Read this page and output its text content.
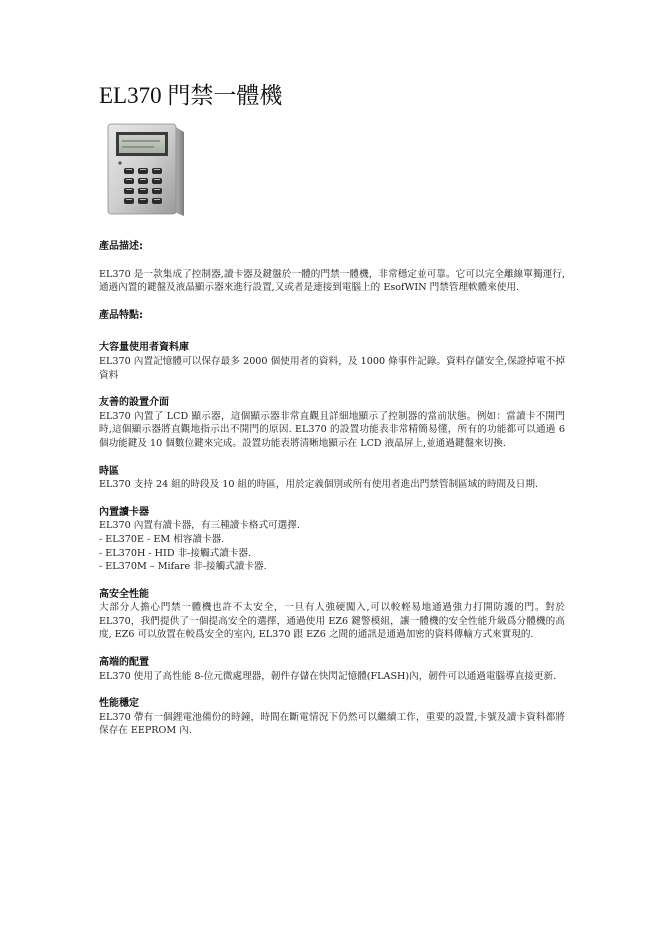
EL370 門禁一體機

產品描述:

EL370 是一款集成了控制器,讀卡器及鍵盤於一體的門禁一體機，非常穩定並可靠。它可以完全離線單獨運行,通過內置的鍵盤及液晶顯示器來進行設置,又或者是連接到電腦上的 EsofWIN 門禁管理軟體來使用.

產品特點:

大容量使用者資料庫

EL370 內置記憶體可以保存最多 2000 個使用者的資料，及 1000 條事件記錄。資料存儲安全,保證掉電不掉資料

友善的設置介面

EL370 內置了 LCD 顯示器，這個顯示器非常直觀且詳細地顯示了控制器的當前狀態。例如：當讀卡不開門時,這個顯示器將直觀地指示出不開門的原因. EL370 的設置功能表非常精簡易懂，所有的功能都可以通過 6 個功能鍵及 10 個數位鍵來完成。設置功能表將清晰地顯示在 LCD 液晶屏上,並通過鍵盤來切換.

時區

EL370 支持 24 組的時段及 10 組的時區，用於定義個別或所有使用者進出門禁管制區域的時間及日期.

內置讀卡器

EL370 內置有讀卡器，有三種讀卡格式可選擇.

- EL370E - EM 相容讀卡器.

- EL370H - HID 非-接觸式讀卡器.

- EL370M – Mifare 非-接觸式讀卡器.

高安全性能

大部分人擔心門禁一體機也許不太安全，一旦有人強硬闖入,可以較輕易地通過強力打開防護的門。對於 EL370，我們提供了一個提高安全的選擇，通過使用 EZ6 鍵警模組，讓一體機的安全性能升級爲分體機的高度, EZ6 可以放置在較爲安全的室內, EL370 跟 EZ6 之間的通訊是通過加密的資料傳輸方式來實現的.

高端的配置

EL370 使用了高性能 8-位元微處理器，韌件存儲在快閃記憶體(FLASH)內，韌件可以通過電腦導直接更新.

性能穩定

EL370 帶有一個鋰電池備份的時鐘，時間在斷電情況下仍然可以繼續工作，重要的設置,卡號及讀卡資料都將保存在 EEPROM 內.
